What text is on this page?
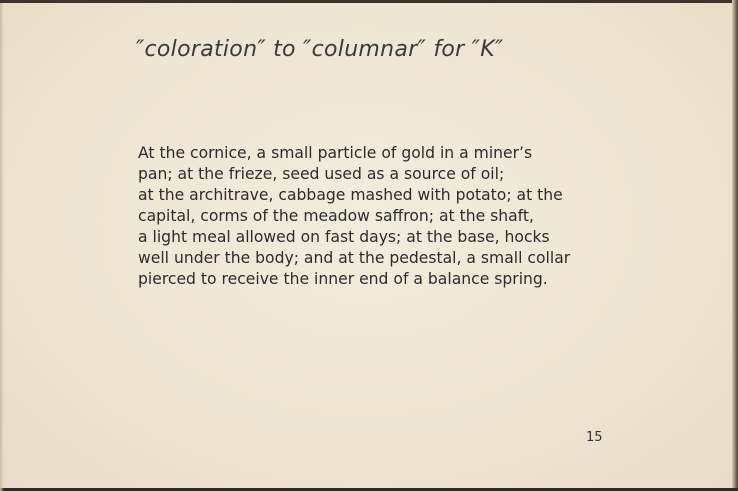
″coloration″ to ″columnar″ for ″K″

At the cornice, a small particle of gold in a miner’s
pan; at the frieze, seed used as a source of oil;
at the architrave, cabbage mashed with potato; at the
capital, corms of the meadow saffron; at the shaft,
a light meal allowed on fast days; at the base, hocks
well under the body; and at the pedestal, a small collar
pierced to receive the inner end of a balance spring.

15
